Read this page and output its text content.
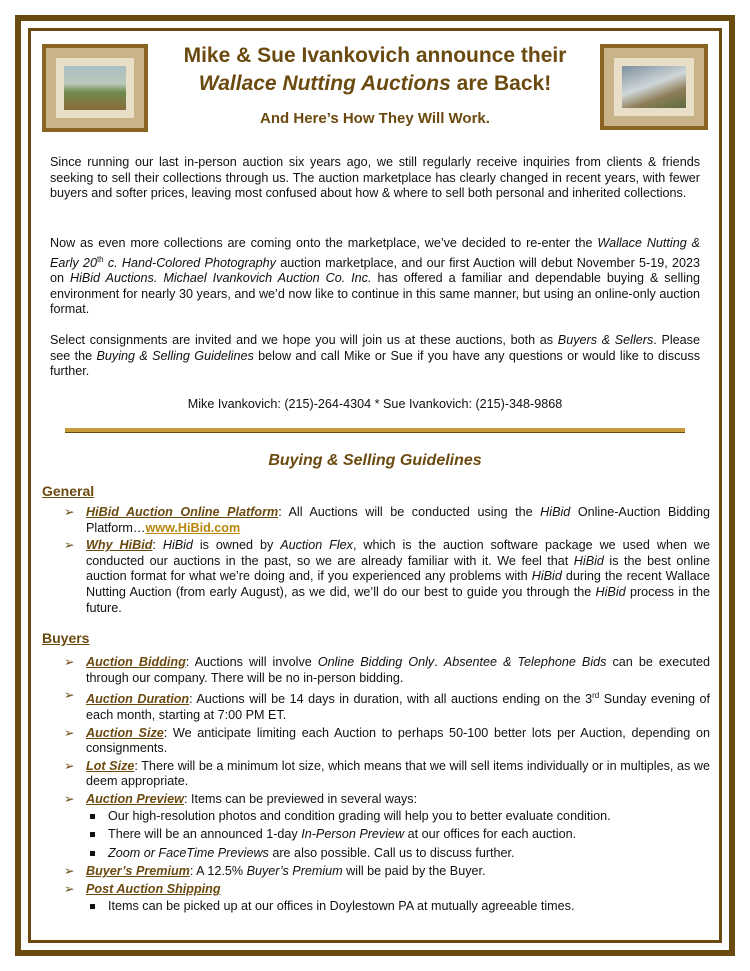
Mike & Sue Ivankovich announce their
Wallace Nutting Auctions are Back!
And Here’s How They Will Work.
Since running our last in-person auction six years ago, we still regularly receive inquiries from clients & friends seeking to sell their collections through us. The auction marketplace has clearly changed in recent years, with fewer buyers and softer prices, leaving most confused about how & where to sell both personal and inherited collections.
Now as even more collections are coming onto the marketplace, we’ve decided to re-enter the Wallace Nutting & Early 20th c. Hand-Colored Photography auction marketplace, and our first Auction will debut November 5-19, 2023 on HiBid Auctions. Michael Ivankovich Auction Co. Inc. has offered a familiar and dependable buying & selling environment for nearly 30 years, and we’d now like to continue in this same manner, but using an online-only auction format.
Select consignments are invited and we hope you will join us at these auctions, both as Buyers & Sellers. Please see the Buying & Selling Guidelines below and call Mike or Sue if you have any questions or would like to discuss further.
Mike Ivankovich: (215)-264-4304 * Sue Ivankovich: (215)-348-9868
Buying & Selling Guidelines
General
➢ HiBid Auction Online Platform: All Auctions will be conducted using the HiBid Online-Auction Bidding Platform…www.HiBid.com
➢ Why HiBid: HiBid is owned by Auction Flex, which is the auction software package we used when we conducted our auctions in the past, so we are already familiar with it. We feel that HiBid is the best online auction format for what we’re doing and, if you experienced any problems with HiBid during the recent Wallace Nutting Auction (from early August), as we did, we’ll do our best to guide you through the HiBid process in the future.
Buyers
➢ Auction Bidding: Auctions will involve Online Bidding Only. Absentee & Telephone Bids can be executed through our company. There will be no in-person bidding.
➢ Auction Duration: Auctions will be 14 days in duration, with all auctions ending on the 3rd Sunday evening of each month, starting at 7:00 PM ET.
➢ Auction Size: We anticipate limiting each Auction to perhaps 50-100 better lots per Auction, depending on consignments.
➢ Lot Size: There will be a minimum lot size, which means that we will sell items individually or in multiples, as we deem appropriate.
➢ Auction Preview: Items can be previewed in several ways:
Our high-resolution photos and condition grading will help you to better evaluate condition.
There will be an announced 1-day In-Person Preview at our offices for each auction.
Zoom or FaceTime Previews are also possible. Call us to discuss further.
➢ Buyer’s Premium: A 12.5% Buyer’s Premium will be paid by the Buyer.
➢ Post Auction Shipping
Items can be picked up at our offices in Doylestown PA at mutually agreeable times.
